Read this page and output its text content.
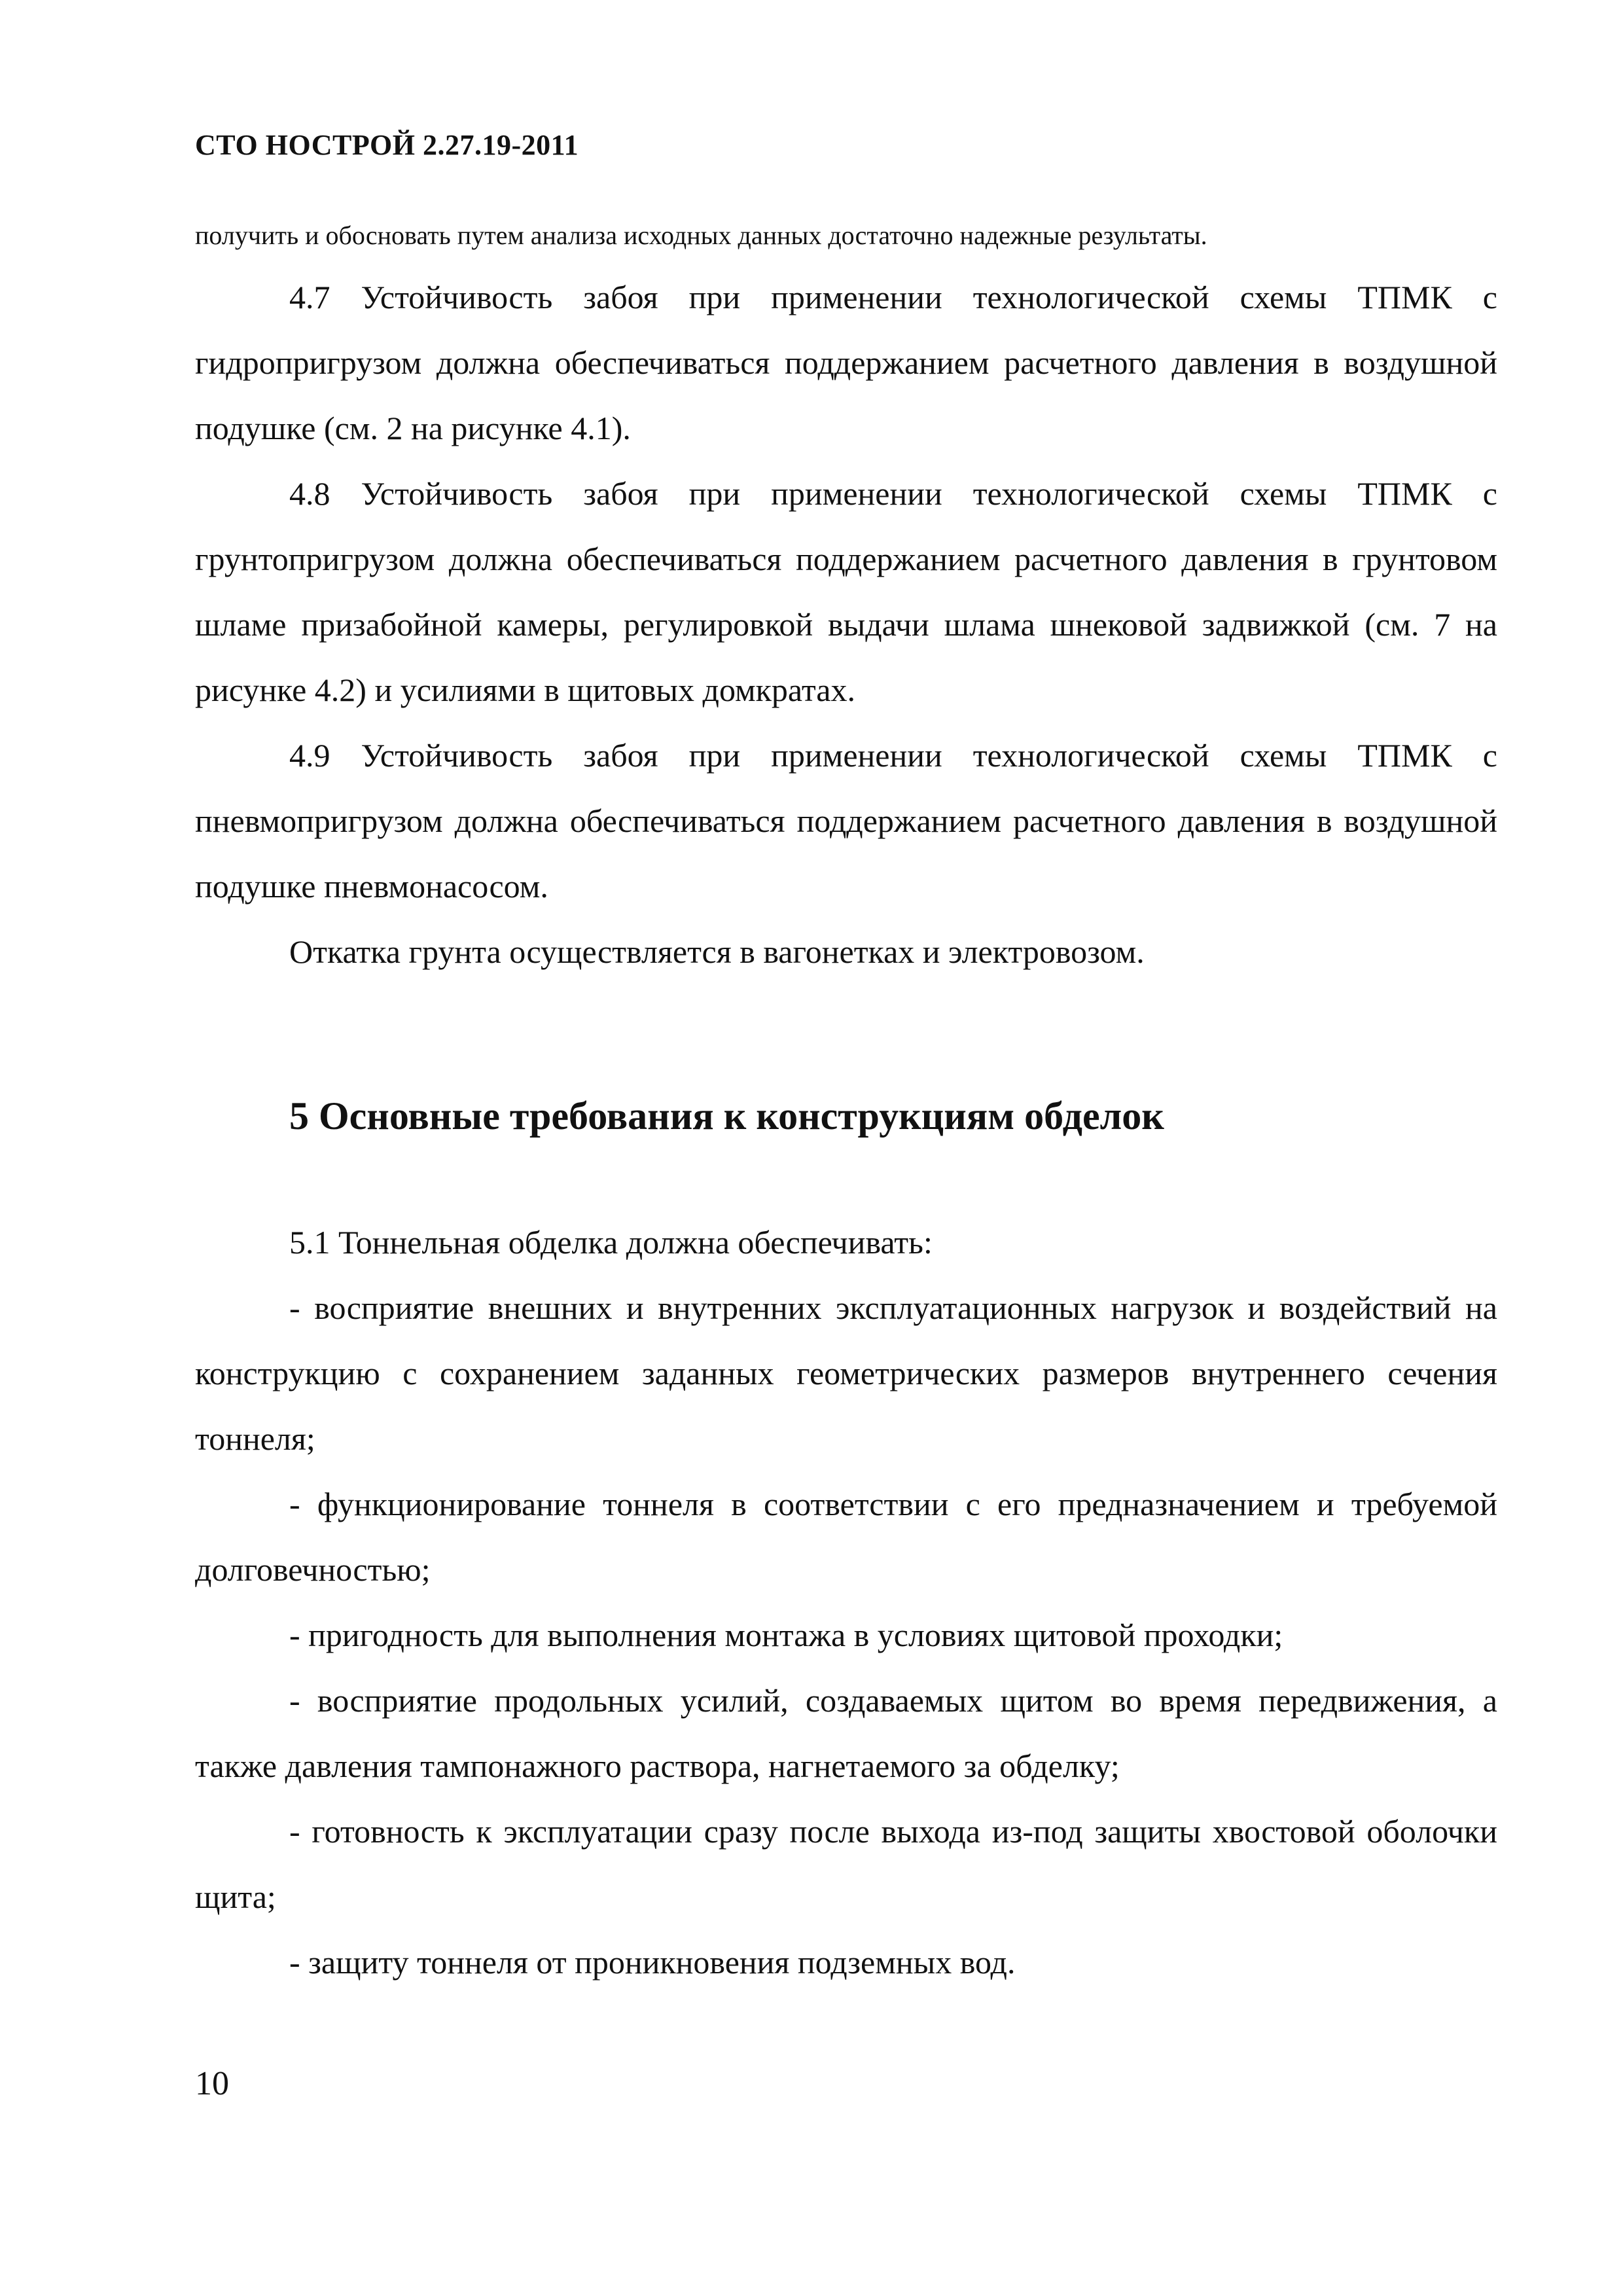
СТО НОСТРОЙ 2.27.19-2011
получить и обосновать путем анализа исходных данных достаточно надежные результаты.

4.7 Устойчивость забоя при применении технологической схемы ТПМК с гидропригрузом должна обеспечиваться поддержанием расчетного давления в воздушной подушке (см. 2 на рисунке 4.1).

4.8 Устойчивость забоя при применении технологической схемы ТПМК с грунтопригрузом должна обеспечиваться поддержанием расчетного давления в грунтовом шламе призабойной камеры, регулировкой выдачи шлама шнековой задвижкой (см. 7 на рисунке 4.2) и усилиями в щитовых домкратах.

4.9 Устойчивость забоя при применении технологической схемы ТПМК с пневмопригрузом должна обеспечиваться поддержанием расчетного давления в воздушной подушке пневмонасосом.

Откатка грунта осуществляется в вагонетках и электровозом.

5 Основные требования к конструкциям обделок

5.1 Тоннельная обделка должна обеспечивать:

- восприятие внешних и внутренних эксплуатационных нагрузок и воздействий на конструкцию с сохранением заданных геометрических размеров внутреннего сечения тоннеля;

- функционирование тоннеля в соответствии с его предназначением и требуемой долговечностью;

- пригодность для выполнения монтажа в условиях щитовой проходки;

- восприятие продольных усилий, создаваемых щитом во время передвижения, а также давления тампонажного раствора, нагнетаемого за обделку;

- готовность к эксплуатации сразу после выхода из-под защиты хвостовой оболочки щита;

- защиту тоннеля от проникновения подземных вод.

10
